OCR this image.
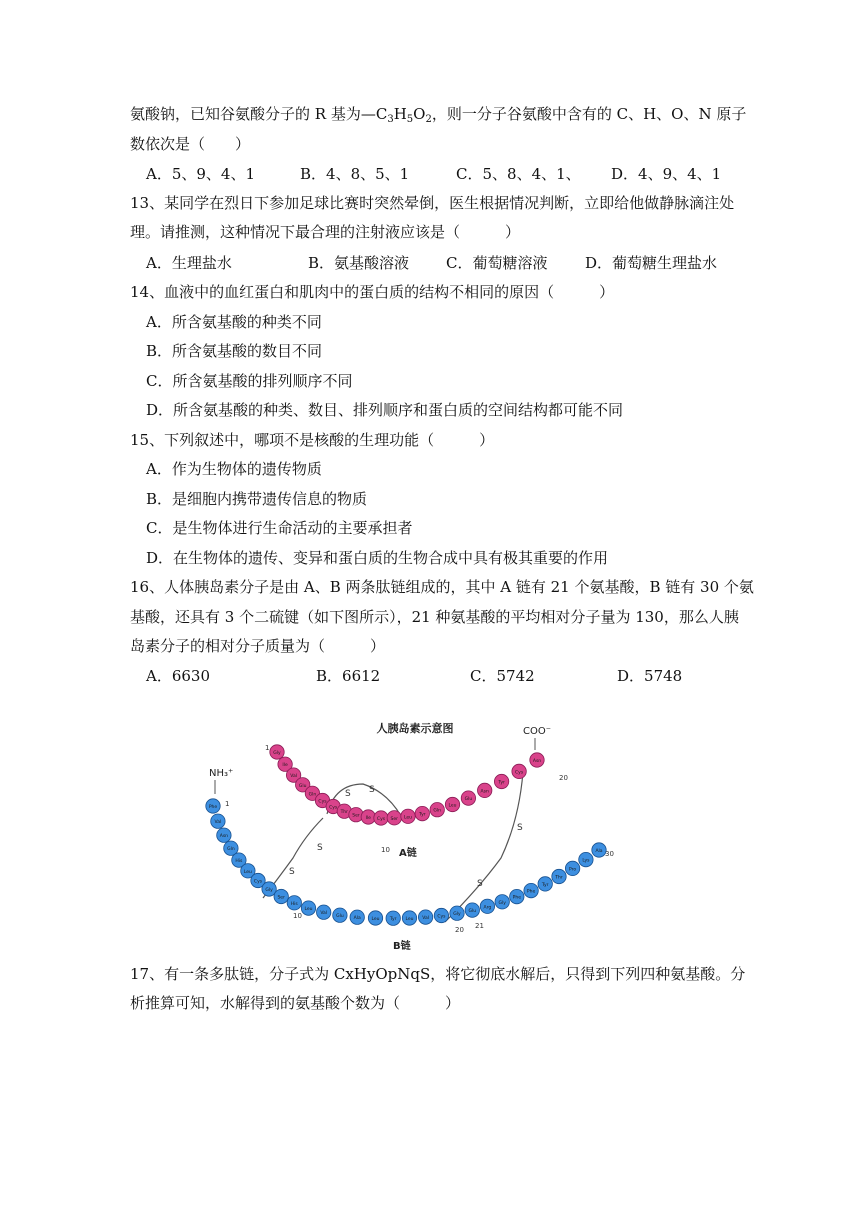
氨酸钠，已知谷氨酸分子的 R 基为$—C_3H_5O_2$，则一分子谷氨酸中含有的 C、H、O、N 原子
数依次是（　　）
A．5、9、4、1	B．4、8、5、1	C．5、8、4、1、 D．4、9、4、1
13、某同学在烈日下参加足球比赛时突然晕倒，医生根据情况判断，立即给他做静脉滴注处
理。请推测，这种情况下最合理的注射液应该是（　　　）
A．生理盐水	B．氨基酸溶液 C．葡萄糖溶液	D．葡萄糖生理盐水
14、血液中的血红蛋白和肌肉中的蛋白质的结构不相同的原因（　　　）
A．所含氨基酸的种类不同
B．所含氨基酸的数目不同
C．所含氨基酸的排列顺序不同
D．所含氨基酸的种类、数目、排列顺序和蛋白质的空间结构都可能不同
15、下列叙述中，哪项不是核酸的生理功能（　　　）
A．作为生物体的遗传物质
B．是细胞内携带遗传信息的物质
C．是生物体进行生命活动的主要承担者
D．在生物体的遗传、变异和蛋白质的生物合成中具有极其重要的作用
16、人体胰岛素分子是由 A、B 两条肽链组成的，其中 A 链有 21 个氨基酸，B 链有 30 个氨
基酸，还具有 3 个二硫键（如下图所示），21 种氨基酸的平均相对分子量为 130，那么人胰
岛素分子的相对分子质量为（　　　）
A．6630	B．6612	C．5742	D．5748
人胰岛素示意图
S S
S
S
S
S
NH₃⁺
COO⁻
Gly
Ile
Val
Glu
Gln
Cys
Cys
Thr
Ser Ile Cys Ser Leu
Tyr
Gln
Leu
Glu
Asn
Tyr
Cys
Asn
Phe
Val
Asn
Gln
His
Leu
Cys
Gly
Ser
His
Leu
Val
Glu Ala Leu Tyr Leu Val Cys Gly
Glu
Arg
Gly
Phe
Phe
Tyr
Thr
Pro
Lys
Ala
1
10
20
1
10
20 21
30
A链
B链
17、有一条多肽链，分子式为 CxHyOpNqS，将它彻底水解后，只得到下列四种氨基酸。分
析推算可知，水解得到的氨基酸个数为（　　　）
